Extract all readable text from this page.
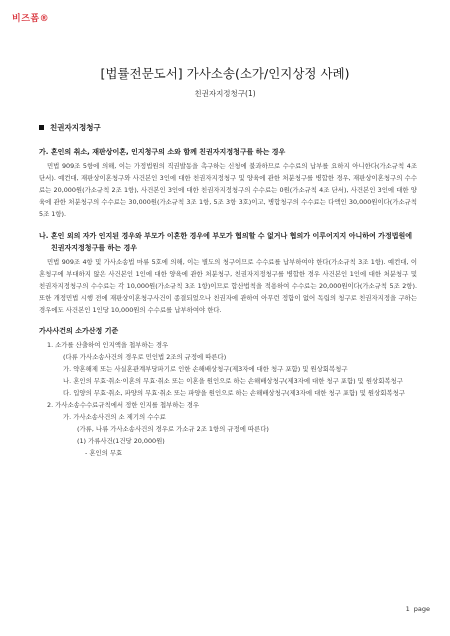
비즈폼®
[법률전문도서] 가사소송(소가/인지상정 사례)
친권자지정청구(1)
친권자지정청구
가. 혼인의 취소, 재판상이혼, 인지청구의 소와 함께 친권자지정청구를 하는 경우
민법 909조 5항에 의해, 이는 가정법원의 직권발동을 촉구하는 신청에 불과하므로 수수료의 납부를 요하지 아니한다(가소규칙 4조 단서). 예컨대, 재판상이혼청구와 사건본인 3인에 대한 친권자지정청구 및 양육에 관한 처분청구를 병합한 경우, 재판상이혼청구의 수수료는 20,000원(가소규칙 2조 1항), 사건본인 3인에 대한 친권자지정청구의 수수료는 0원(가소규칙 4조 단서), 사건본인 3인에 대한 양육에 관한 처분청구의 수수료는 30,000원(가소규칙 3조 1항, 5조 3항 3호)이고, 병합청구의 수수료는 다액인 30,000원이다(가소규칙 5조 1항).
나. 혼인 외의 자가 인지된 경우와 부모가 이혼한 경우에 부모가 협의할 수 없거나 협의가 이루어지지 아니하여 가정법원에 친권자지정청구를 하는 경우
민법 909조 4항 및 가사소송법 마류 5호에 의해, 이는 별도의 청구이므로 수수료를 납부하여야 한다(가소규칙 3조 1항). 예컨대, 이혼청구에 부대하지 않은 사건본인 1인에 대한 양육에 관한 처분청구, 친권자지정청구를 병합한 경우 사건본인 1인에 대한 처분청구 및 친권자지정청구의 수수료는 각 10,000원(가소규칙 3조 1항)이므로 합산법칙을 적용하여 수수료는 20,000원이다(가소규칙 5조 2항). 또한 개정민법 시행 전에 재판상이혼청구사건이 종결되었으나 친권자에 관하여 아무런 정함이 없어 독립의 청구로 친권자지정을 구하는 경우에도 사건본인 1인당 10,000원의 수수료를 납부하여야 한다.
가사사건의 소가산정 기준
1. 소가를 산출하여 인지액을 첩부하는 경우
(다류 가사소송사건의 경우로 민인법 2조의 규정에 따른다)
가. 약혼해제 또는 사실혼관계부당파기로 인한 손해배상청구(제3자에 대한 청구 포함) 및 원상회복청구
나. 혼인의 무효·취소·이혼의 무효·취소 또는 이혼을 원인으로 하는 손해배상청구(제3자에 대한 청구 포함) 및 원상회복청구
다. 입양의 무효·취소, 파양의 무효·취소 또는 파양을 원인으로 하는 손해배상청구(제3자에 대한 청구 포함) 및 원상회복청구
2. 가사소송수수료규칙에서 정한 인지를 첩부하는 경우
가. 가사소송사건의 소 제기의 수수료
(가류, 나류 가사소송사건의 경우로 가소규 2조 1항의 규정에 따른다)
(1) 가류사건(1건당 20,000원)
- 혼인의 무효
1 page
